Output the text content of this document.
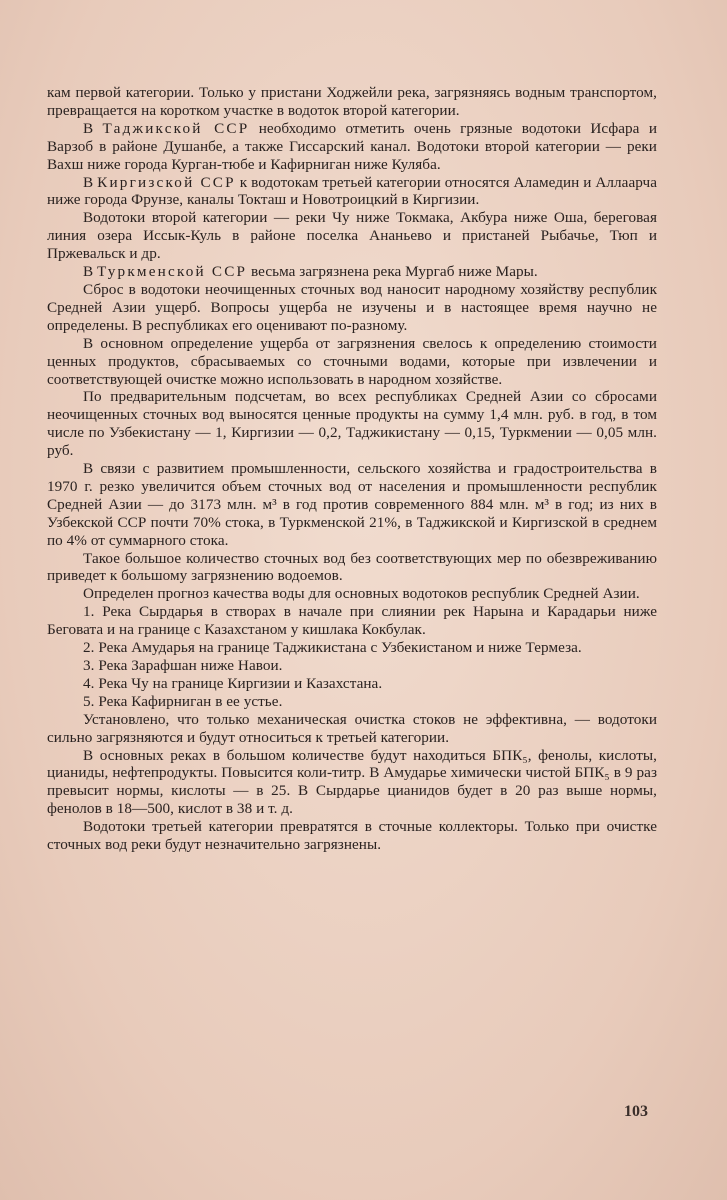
кам первой категории. Только у пристани Ходжейли река, загрязняясь водным транспортом, превращается на коротком участке в водоток второй категории.

В Таджикской ССР необходимо отметить очень грязные водотоки Исфара и Варзоб в районе Душанбе, а также Гиссарский канал. Водотоки второй категории — реки Вахш ниже города Курган-тюбе и Кафирниган ниже Куляба.

В Киргизской ССР к водотокам третьей категории относятся Аламедин и Аллаарча ниже города Фрунзе, каналы Токташ и Новотроицкий в Киргизии.

Водотоки второй категории — реки Чу ниже Токмака, Акбура ниже Оша, береговая линия озера Иссык-Куль в районе поселка Ананьево и пристаней Рыбачье, Тюп и Пржевальск и др.

В Туркменской ССР весьма загрязнена река Мургаб ниже Мары.

Сброс в водотоки неочищенных сточных вод наносит народному хозяйству республик Средней Азии ущерб. Вопросы ущерба не изучены и в настоящее время научно не определены. В республиках его оценивают по-разному.

В основном определение ущерба от загрязнения свелось к определению стоимости ценных продуктов, сбрасываемых со сточными водами, которые при извлечении и соответствующей очистке можно использовать в народном хозяйстве.

По предварительным подсчетам, во всех республиках Средней Азии со сбросами неочищенных сточных вод выносятся ценные продукты на сумму 1,4 млн. руб. в год, в том числе по Узбекистану — 1, Киргизии — 0,2, Таджикистану — 0,15, Туркмении — 0,05 млн. руб.

В связи с развитием промышленности, сельского хозяйства и градостроительства в 1970 г. резко увеличится объем сточных вод от населения и промышленности республик Средней Азии — до 3173 млн. м³ в год против современного 884 млн. м³ в год; из них в Узбекской ССР почти 70% стока, в Туркменской 21%, в Таджикской и Киргизской в среднем по 4% от суммарного стока.

Такое большое количество сточных вод без соответствующих мер по обезвреживанию приведет к большому загрязнению водоемов.

Определен прогноз качества воды для основных водотоков республик Средней Азии.

1. Река Сырдарья в створах в начале при слиянии рек Нарына и Карадарьи ниже Беговата и на границе с Казахстаном у кишлака Кокбулак.

2. Река Амударья на границе Таджикистана с Узбекистаном и ниже Термеза.

3. Река Зарафшан ниже Навои.

4. Река Чу на границе Киргизии и Казахстана.

5. Река Кафирниган в ее устье.

Установлено, что только механическая очистка стоков не эффективна, — водотоки сильно загрязняются и будут относиться к третьей категории.

В основных реках в большом количестве будут находиться БПК₅, фенолы, кислоты, цианиды, нефтепродукты. Повысится коли-титр. В Амударье химически чистой БПК₅ в 9 раз превысит нормы, кислоты — в 25. В Сырдарье цианидов будет в 20 раз выше нормы, фенолов в 18—500, кислот в 38 и т. д.

Водотоки третьей категории превратятся в сточные коллекторы. Только при очистке сточных вод реки будут незначительно загрязнены.

103
